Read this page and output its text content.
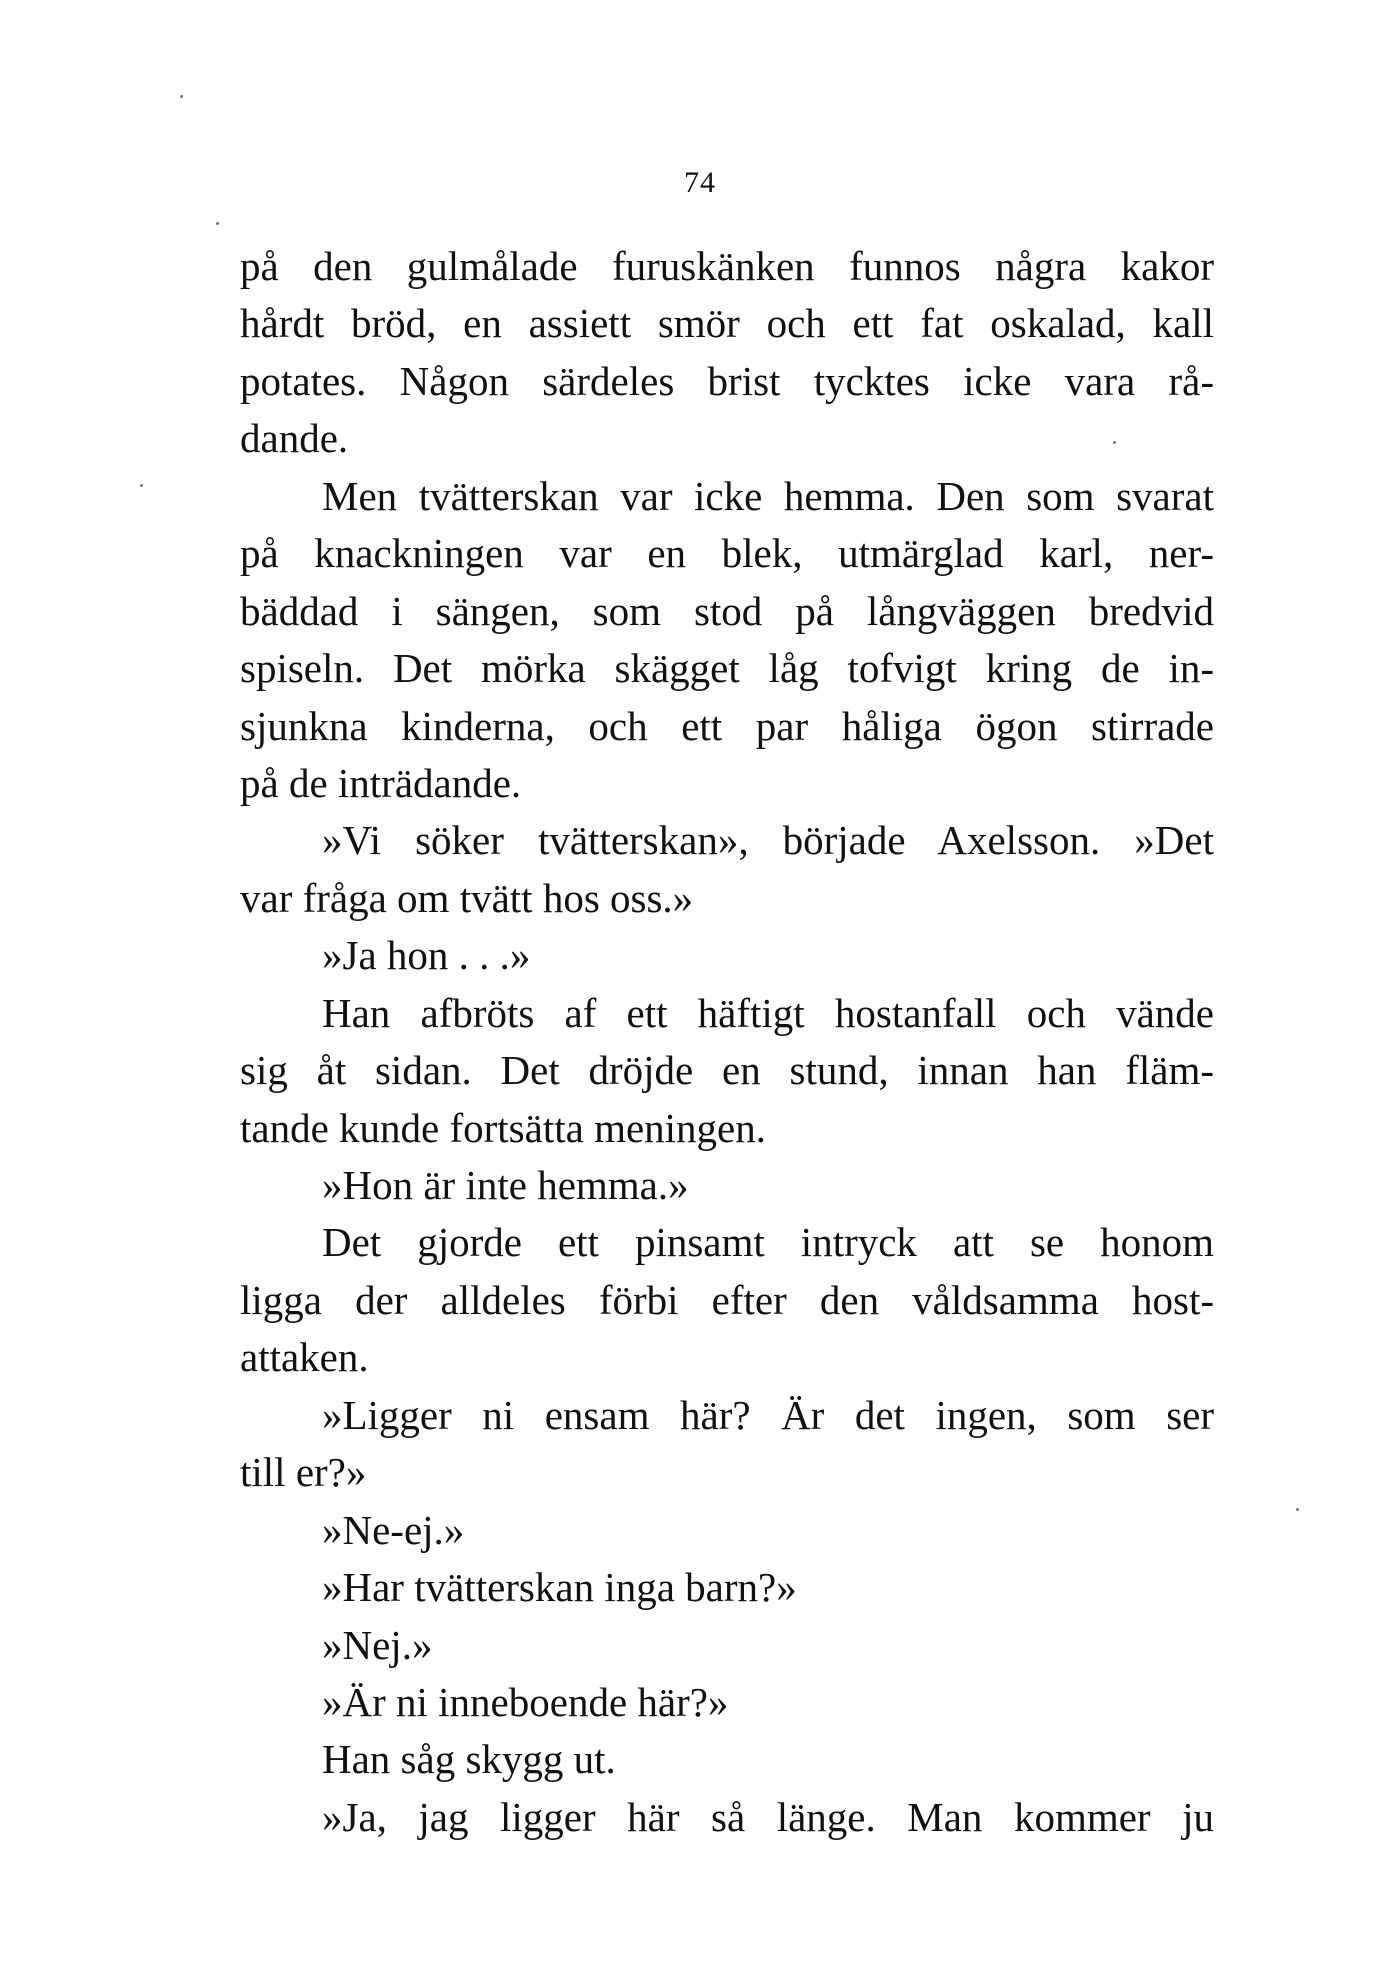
74
på den gulmålade furuskänken funnos några kakor
hårdt bröd, en assiett smör och ett fat oskalad, kall
potates. Någon särdeles brist tycktes icke vara rå-
dande.
Men tvätterskan var icke hemma. Den som svarat
på knackningen var en blek, utmärglad karl, ner-
bäddad i sängen, som stod på långväggen bredvid
spiseln. Det mörka skägget låg tofvigt kring de in-
sjunkna kinderna, och ett par håliga ögon stirrade
på de inträdande.
»Vi söker tvätterskan», började Axelsson. »Det
var fråga om tvätt hos oss.»
»Ja hon . . .»
Han afbröts af ett häftigt hostanfall och vände
sig åt sidan. Det dröjde en stund, innan han fläm-
tande kunde fortsätta meningen.
»Hon är inte hemma.»
Det gjorde ett pinsamt intryck att se honom
ligga der alldeles förbi efter den våldsamma host-
attaken.
»Ligger ni ensam här? Är det ingen, som ser
till er?»
»Ne-ej.»
»Har tvätterskan inga barn?»
»Nej.»
»Är ni inneboende här?»
Han såg skygg ut.
»Ja, jag ligger här så länge. Man kommer ju
